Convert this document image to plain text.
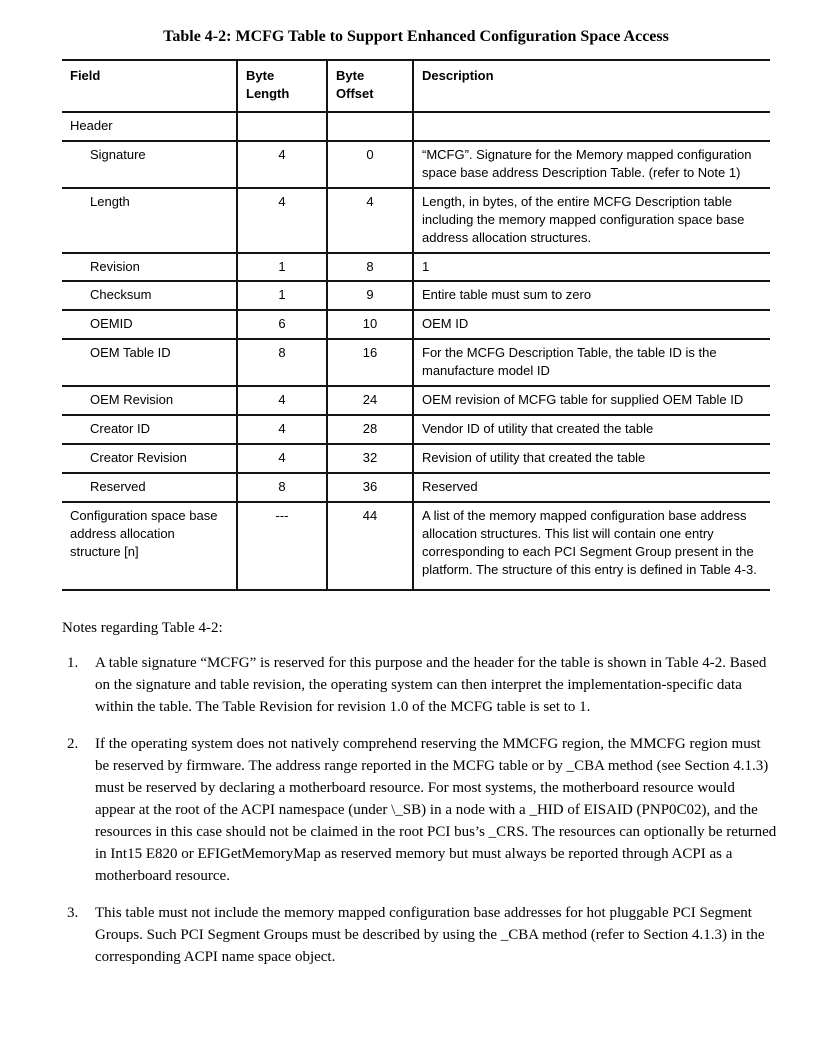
Table 4-2: MCFG Table to Support Enhanced Configuration Space Access
Field	Byte Length	Byte Offset	Description
Header			
Signature	4	0	“MCFG”. Signature for the Memory mapped configuration space base address Description Table. (refer to Note 1)
Length	4	4	Length, in bytes, of the entire MCFG Description table including the memory mapped configuration space base address allocation structures.
Revision	1	8	1
Checksum	1	9	Entire table must sum to zero
OEMID	6	10	OEM ID
OEM Table ID	8	16	For the MCFG Description Table, the table ID is the manufacture model ID
OEM Revision	4	24	OEM revision of MCFG table for supplied OEM Table ID
Creator ID	4	28	Vendor ID of utility that created the table
Creator Revision	4	32	Revision of utility that created the table
Reserved	8	36	Reserved
Configuration space base address allocation structure [n]	---	44	A list of the memory mapped configuration base address allocation structures. This list will contain one entry corresponding to each PCI Segment Group present in the platform. The structure of this entry is defined in Table 4-3.

Notes regarding Table 4-2:

1. A table signature “MCFG” is reserved for this purpose and the header for the table is shown in Table 4-2. Based on the signature and table revision, the operating system can then interpret the implementation-specific data within the table. The Table Revision for revision 1.0 of the MCFG table is set to 1.
2. If the operating system does not natively comprehend reserving the MMCFG region, the MMCFG region must be reserved by firmware. The address range reported in the MCFG table or by _CBA method (see Section 4.1.3) must be reserved by declaring a motherboard resource. For most systems, the motherboard resource would appear at the root of the ACPI namespace (under \_SB) in a node with a _HID of EISAID (PNP0C02), and the resources in this case should not be claimed in the root PCI bus’s _CRS. The resources can optionally be returned in Int15 E820 or EFIGetMemoryMap as reserved memory but must always be reported through ACPI as a motherboard resource.
3. This table must not include the memory mapped configuration base addresses for hot pluggable PCI Segment Groups. Such PCI Segment Groups must be described by using the _CBA method (refer to Section 4.1.3) in the corresponding ACPI name space object.
